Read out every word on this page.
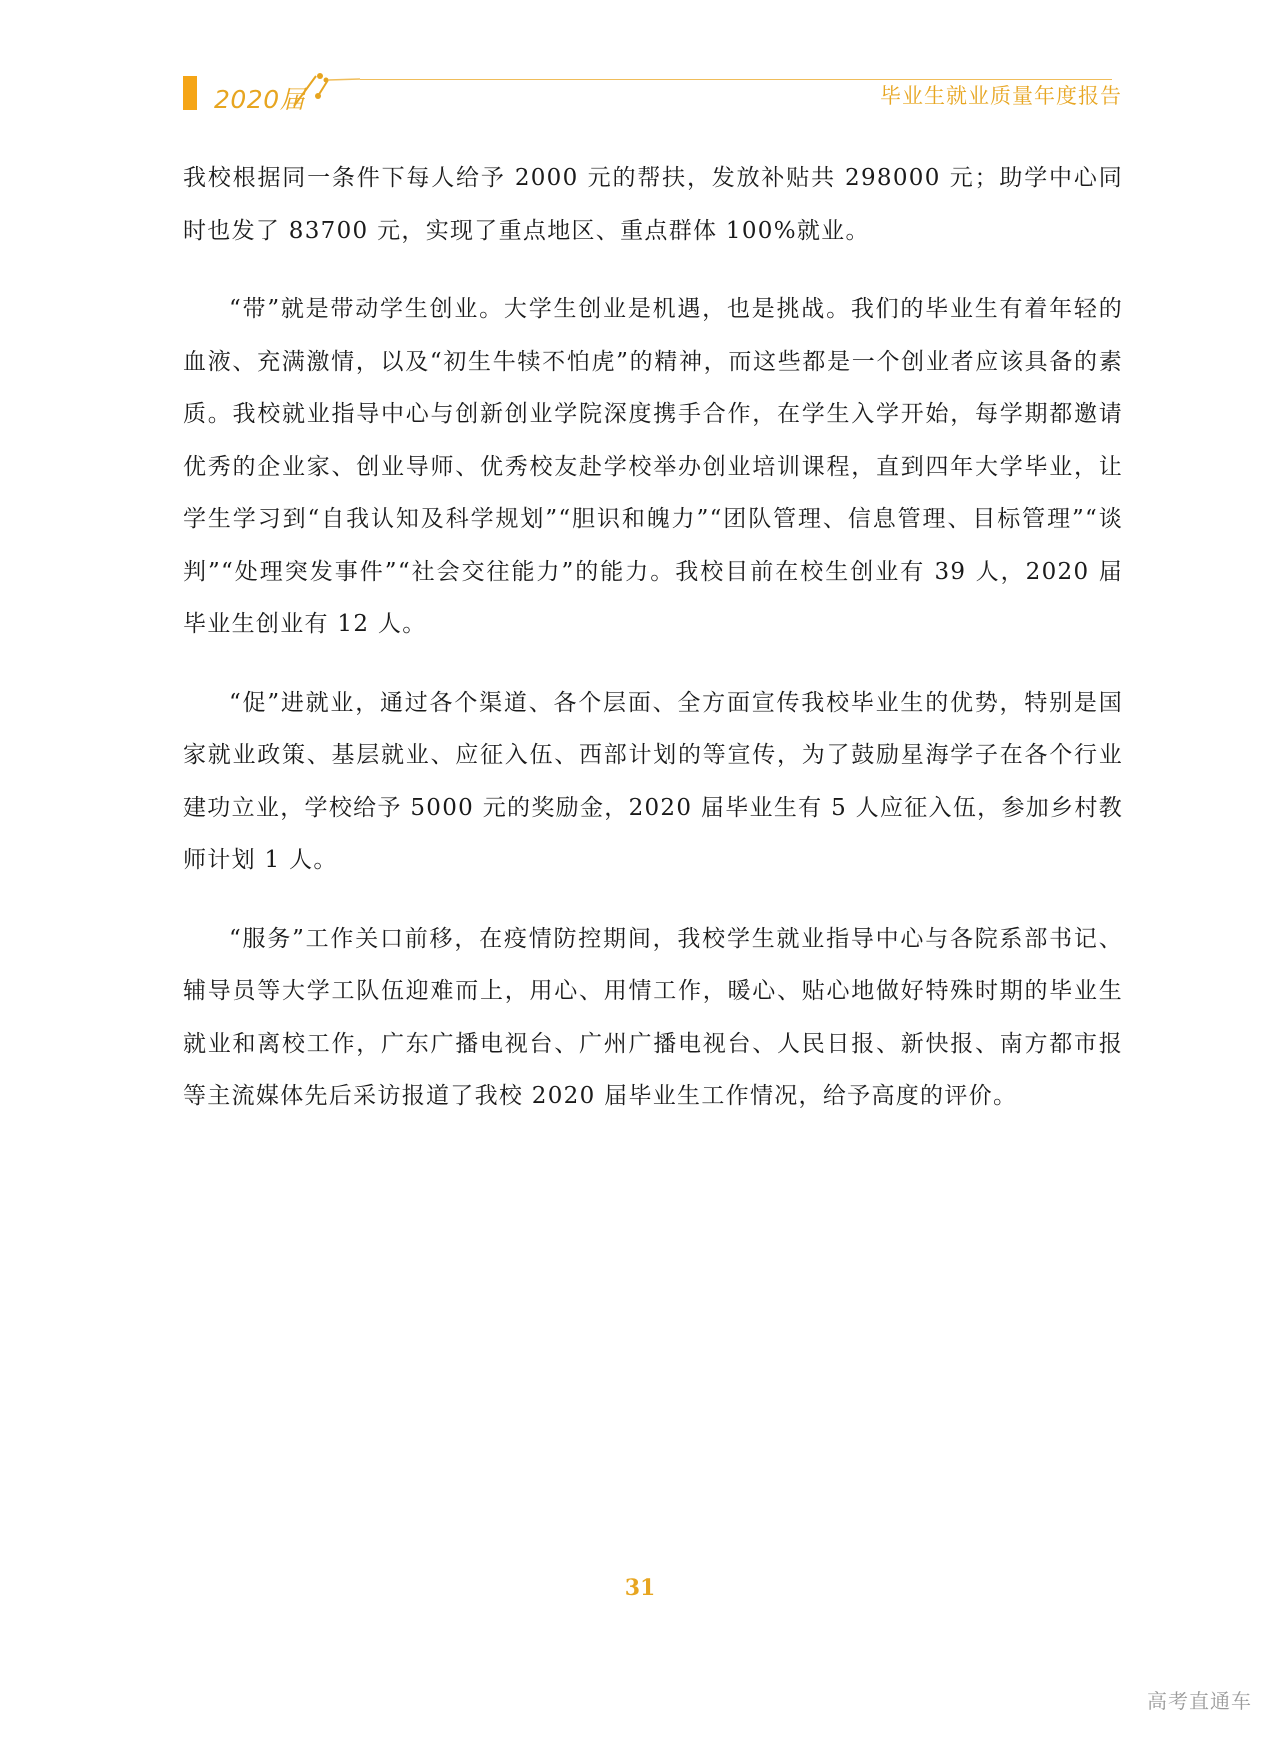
2020届	毕业生就业质量年度报告

我校根据同一条件下每人给予 2000 元的帮扶，发放补贴共 298000 元；助学中心同时也发了 83700 元，实现了重点地区、重点群体 100%就业。

“带”就是带动学生创业。大学生创业是机遇，也是挑战。我们的毕业生有着年轻的血液、充满激情，以及“初生牛犊不怕虎”的精神，而这些都是一个创业者应该具备的素质。我校就业指导中心与创新创业学院深度携手合作，在学生入学开始，每学期都邀请优秀的企业家、创业导师、优秀校友赴学校举办创业培训课程，直到四年大学毕业，让学生学习到“自我认知及科学规划”“胆识和魄力”“团队管理、信息管理、目标管理”“谈判”“处理突发事件”“社会交往能力”的能力。我校目前在校生创业有 39 人，2020 届毕业生创业有 12 人。

“促”进就业，通过各个渠道、各个层面、全方面宣传我校毕业生的优势，特别是国家就业政策、基层就业、应征入伍、西部计划的等宣传，为了鼓励星海学子在各个行业建功立业，学校给予 5000 元的奖励金，2020 届毕业生有 5 人应征入伍，参加乡村教师计划 1 人。

“服务”工作关口前移，在疫情防控期间，我校学生就业指导中心与各院系部书记、辅导员等大学工队伍迎难而上，用心、用情工作，暖心、贴心地做好特殊时期的毕业生就业和离校工作，广东广播电视台、广州广播电视台、人民日报、新快报、南方都市报等主流媒体先后采访报道了我校 2020 届毕业生工作情况，给予高度的评价。

31
高考直通车
